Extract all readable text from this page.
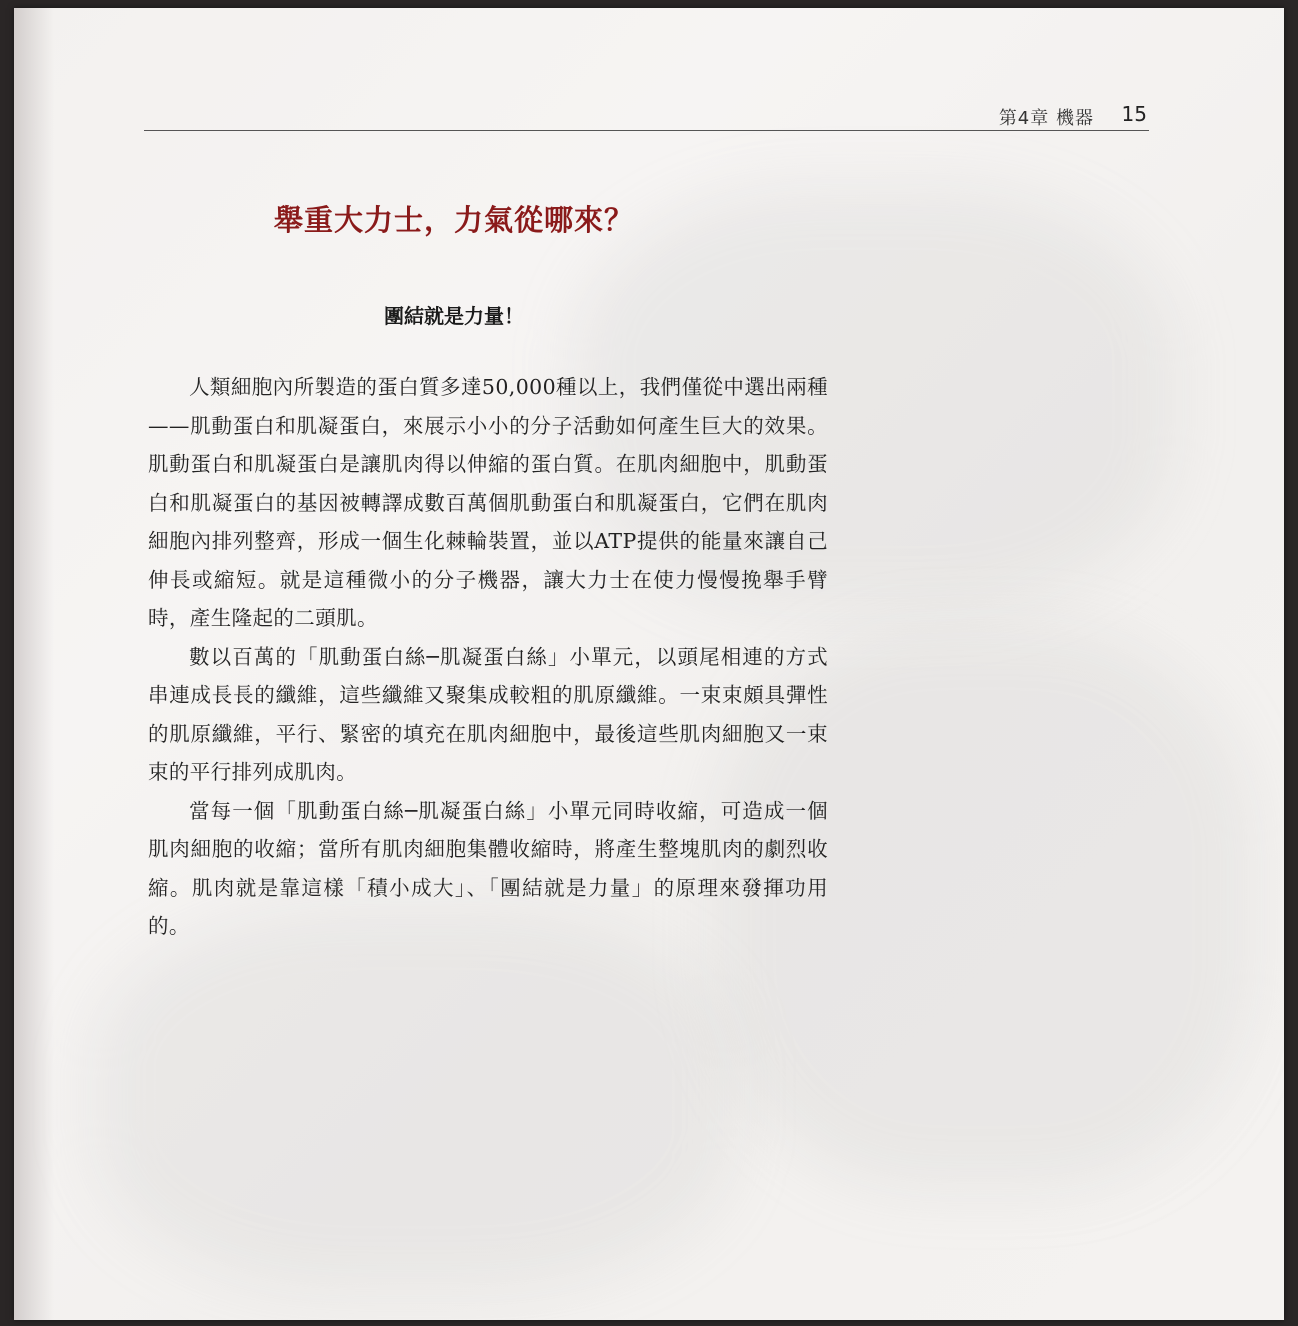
第4章 機器 15
舉重大力士，力氣從哪來？
團結就是力量！

人類細胞內所製造的蛋白質多達50,000種以上，我們僅從中選出兩種——肌動蛋白和肌凝蛋白，來展示小小的分子活動如何產生巨大的效果。肌動蛋白和肌凝蛋白是讓肌肉得以伸縮的蛋白質。在肌肉細胞中，肌動蛋白和肌凝蛋白的基因被轉譯成數百萬個肌動蛋白和肌凝蛋白，它們在肌肉細胞內排列整齊，形成一個生化棘輪裝置，並以ATP提供的能量來讓自己伸長或縮短。就是這種微小的分子機器，讓大力士在使力慢慢挽舉手臂時，產生隆起的二頭肌。

數以百萬的「肌動蛋白絲─肌凝蛋白絲」小單元，以頭尾相連的方式串連成長長的纖維，這些纖維又聚集成較粗的肌原纖維。一束束頗具彈性的肌原纖維，平行、緊密的填充在肌肉細胞中，最後這些肌肉細胞又一束束的平行排列成肌肉。

當每一個「肌動蛋白絲─肌凝蛋白絲」小單元同時收縮，可造成一個肌肉細胞的收縮；當所有肌肉細胞集體收縮時，將產生整塊肌肉的劇烈收縮。肌肉就是靠這樣「積小成大」、「團結就是力量」的原理來發揮功用的。
